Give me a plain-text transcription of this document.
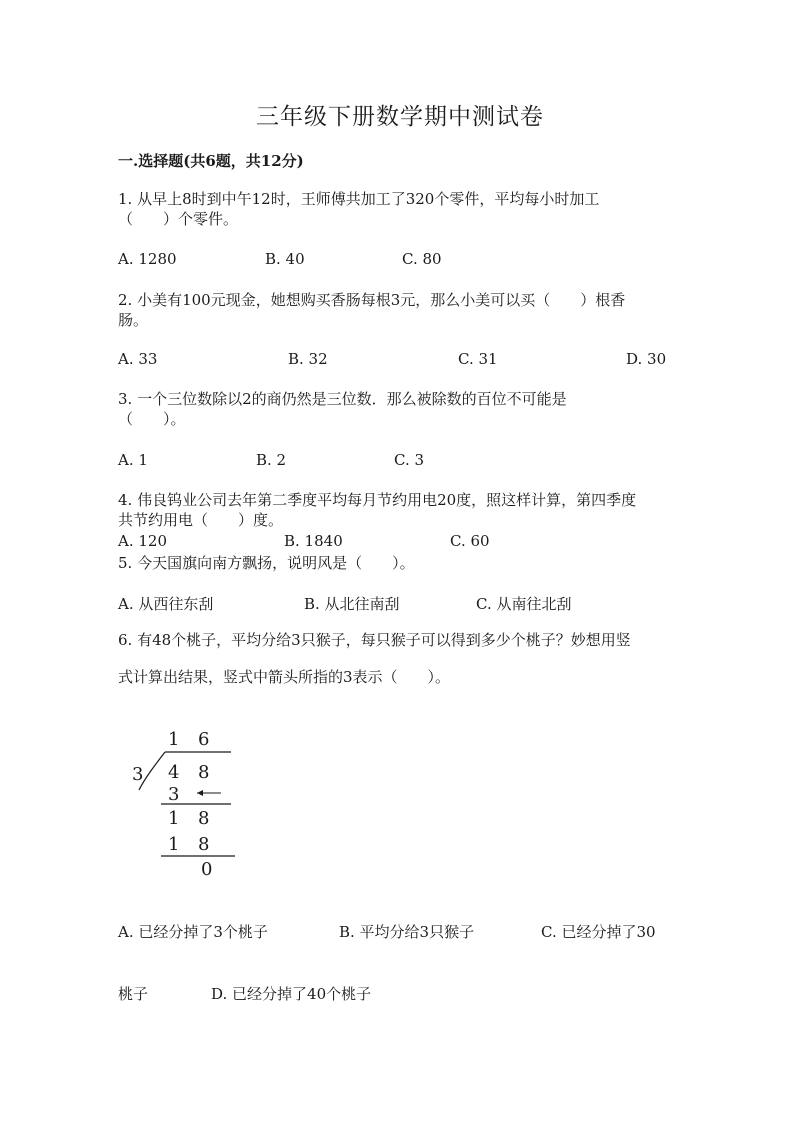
三年级下册数学期中测试卷
一.选择题(共6题，共12分)
1. 从早上8时到中午12时，王师傅共加工了320个零件，平均每小时加工
（　　）个零件。
A. 1280	B. 40	C. 80
2. 小美有100元现金，她想购买香肠每根3元，那么小美可以买（　　）根香
肠。
A. 33	B. 32	C. 31	D. 30
3. 一个三位数除以2的商仍然是三位数．那么被除数的百位不可能是
（　　）。
A. 1	B. 2	C. 3
4. 伟良钨业公司去年第二季度平均每月节约用电20度，照这样计算，第四季度
共节约用电（　　）度。
A. 120	B. 1840	C. 60
5. 今天国旗向南方飘扬，说明风是（　　）。
A. 从西往东刮	B. 从北往南刮	C. 从南往北刮
6. 有48个桃子，平均分给3只猴子，每只猴子可以得到多少个桃子？妙想用竖
式计算出结果，竖式中箭头所指的3表示（　　）。
1 6
3 4 8
3
1 8
1 8
0
A. 已经分掉了3个桃子	B. 平均分给3只猴子	C. 已经分掉了30
桃子	D. 已经分掉了40个桃子
